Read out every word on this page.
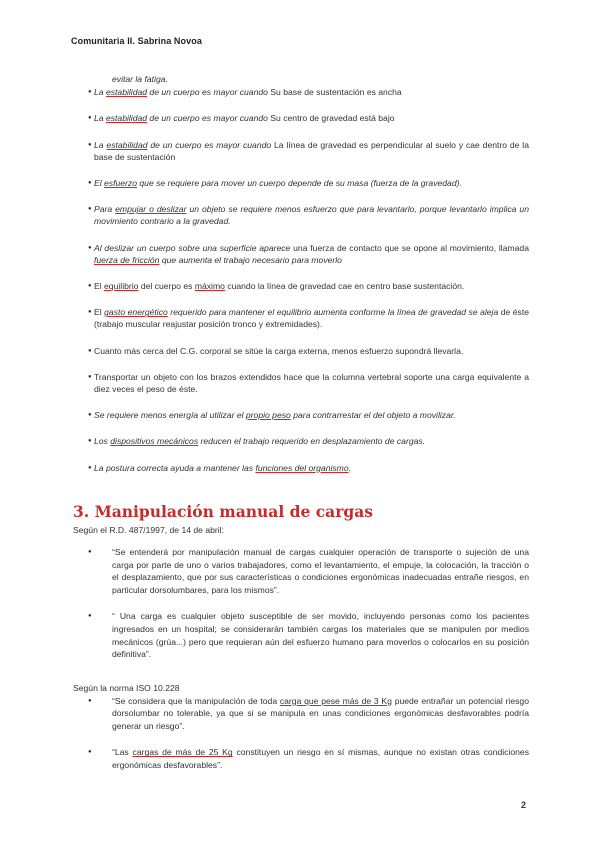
Comunitaria II. Sabrina Novoa
evitar la fatiga.
● La estabilidad de un cuerpo es mayor cuando Su base de sustentación es ancha
● La estabilidad de un cuerpo es mayor cuando Su centro de gravedad está bajo
● La estabilidad de un cuerpo es mayor cuando La línea de gravedad es perpendicular al suelo y cae dentro de la base de sustentación
● El esfuerzo que se requiere para mover un cuerpo depende de su masa (fuerza de la gravedad).
● Para empujar o deslizar un objeto se requiere menos esfuerzo que para levantarlo, porque levantarlo implica un movimiento contrario a la gravedad.
● Al deslizar un cuerpo sobre una superficie aparece una fuerza de contacto que se opone al movimiento, llamada fuerza de fricción que aumenta el trabajo necesario para moverlo
● El equilibrio del cuerpo es máximo cuando la línea de gravedad cae en centro base sustentación.
● El gasto energético requerido para mantener el equilibrio aumenta conforme la línea de gravedad se aleja de éste (trabajo muscular reajustar posición tronco y extremidades).
● Cuanto más cerca del C.G. corporal se sitúe la carga externa, menos esfuerzo supondrá llevarla.
● Transportar un objeto con los brazos extendidos hace que la columna vertebral soporte una carga equivalente a diez veces el peso de éste.
● Se requiere menos energía al utilizar el propio peso para contrarrestar el del objeto a movilizar.
● Los dispositivos mecánicos reducen el trabajo requerido en desplazamiento de cargas.
● La postura correcta ayuda a mantener las funciones del organismo.
3. Manipulación manual de cargas
Según el R.D. 487/1997, de 14 de abril:
● “Se entenderá por manipulación manual de cargas cualquier operación de transporte o sujeción de una carga por parte de uno o varios trabajadores, como el levantamiento, el empuje, la colocación, la tracción o el desplazamiento, que por sus características o condiciones ergonómicas inadecuadas entrañe riesgos, en particular dorsolumbares, para los mismos”.
● “ Una carga es cualquier objeto susceptible de ser movido, incluyendo personas como los pacientes ingresados en un hospital; se considerarán también cargas los materiales que se manipulen por medios mecánicos (grúa...) pero que requieran aún del esfuerzo humano para moverlos o colocarlos en su posición definitiva”.
Según la norma ISO 10.228
● “Se considera que la manipulación de toda carga que pese más de 3 Kg puede entrañar un potencial riesgo dorsolumbar no tolerable, ya que si se manipula en unas condiciones ergonómicas desfavorables podría generar un riesgo”.
● “Las cargas de más de 25 Kg constituyen un riesgo en sí mismas, aunque no existan otras condiciones ergonómicas desfavorables”.
2
